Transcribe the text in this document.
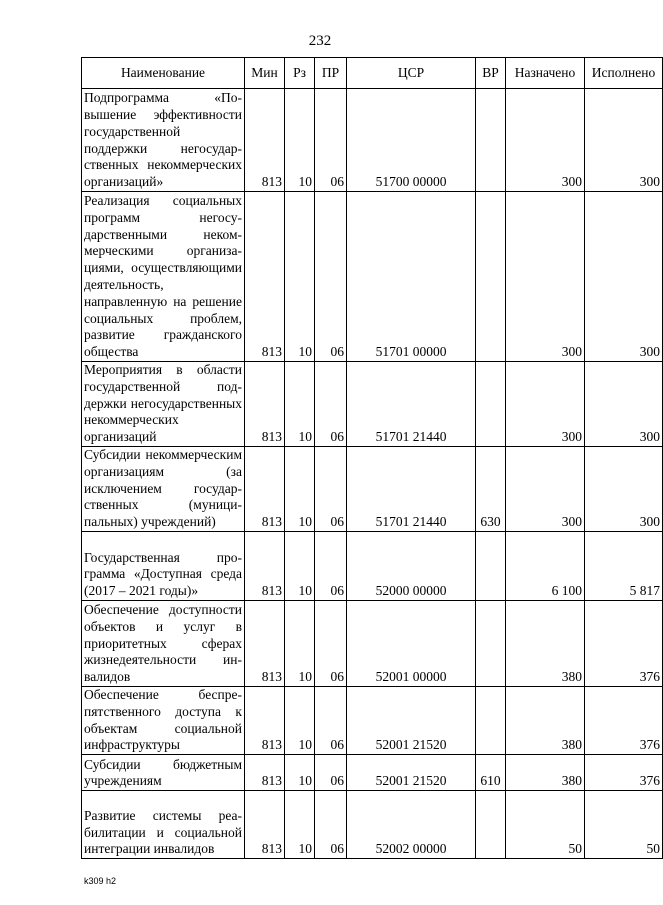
232
Наименование	Мин	Рз	ПР	ЦСР	ВР	Назначено	Исполнено
Подпрограмма «Повышение эффективности государственной поддержки негосударственных некоммерческих организаций»	813	10	06	51700 00000		300	300
Реализация социальных программ негосударственными некоммерческими организациями, осуществляющими деятельность, направленную на решение социальных проблем, развитие гражданского общества	813	10	06	51701 00000		300	300
Мероприятия в области государственной поддержки негосударственных некоммерческих организаций	813	10	06	51701 21440		300	300
Субсидии некоммерческим организациям (за исключением государственных (муниципальных) учреждений)	813	10	06	51701 21440	630	300	300
Государственная программа «Доступная среда (2017 – 2021 годы)»	813	10	06	52000 00000		6 100	5 817
Обеспечение доступности объектов и услуг в приоритетных сферах жизнедеятельности инвалидов	813	10	06	52001 00000		380	376
Обеспечение беспрепятственного доступа к объектам социальной инфраструктуры	813	10	06	52001 21520		380	376
Субсидии бюджетным учреждениям	813	10	06	52001 21520	610	380	376
Развитие системы реабилитации и социальной интеграции инвалидов	813	10	06	52002 00000		50	50
k309 h2
